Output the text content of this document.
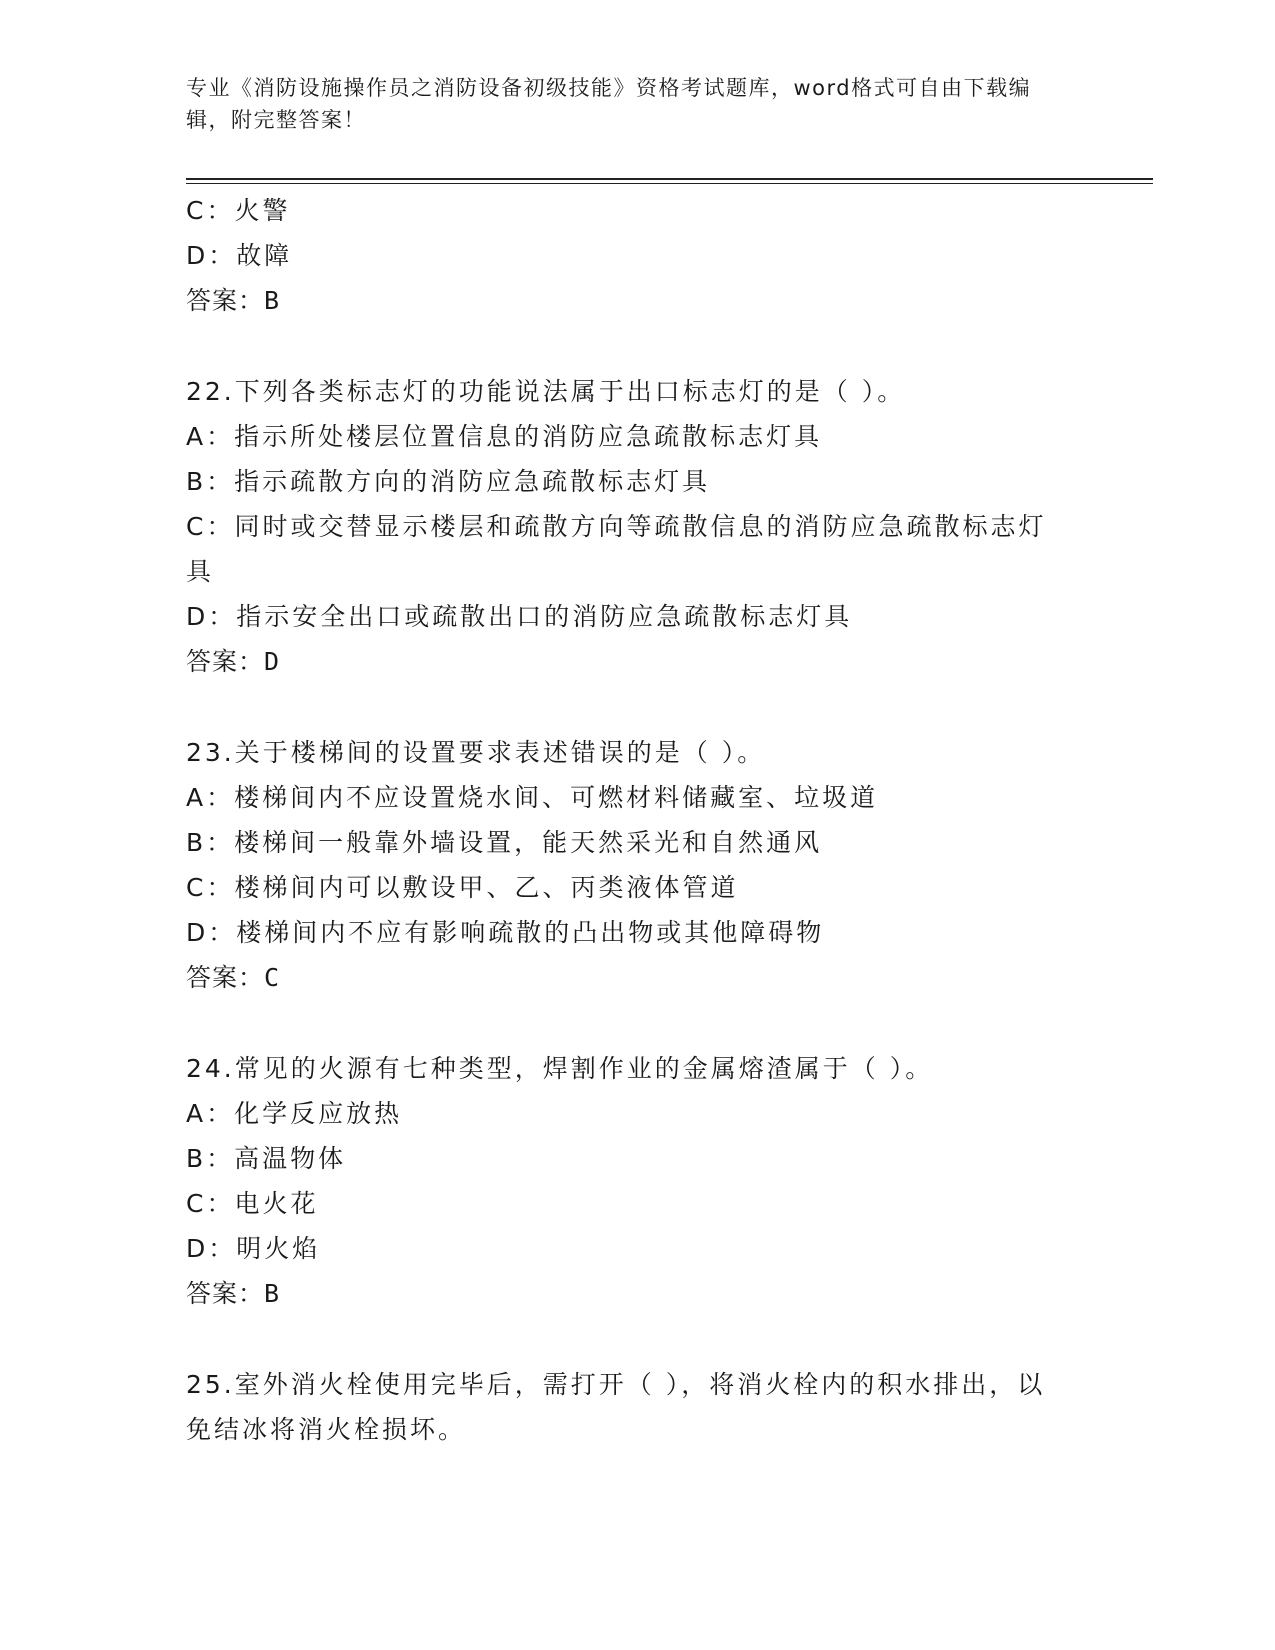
专业《消防设施操作员之消防设备初级技能》资格考试题库，word格式可自由下载编辑，附完整答案！
C：火警
D：故障
答案：B
22.下列各类标志灯的功能说法属于出口标志灯的是（ ）。
A：指示所处楼层位置信息的消防应急疏散标志灯具
B：指示疏散方向的消防应急疏散标志灯具
C：同时或交替显示楼层和疏散方向等疏散信息的消防应急疏散标志灯具
D：指示安全出口或疏散出口的消防应急疏散标志灯具
答案：D
23.关于楼梯间的设置要求表述错误的是（ ）。
A：楼梯间内不应设置烧水间、可燃材料储藏室、垃圾道
B：楼梯间一般靠外墙设置，能天然采光和自然通风
C：楼梯间内可以敷设甲、乙、丙类液体管道
D：楼梯间内不应有影响疏散的凸出物或其他障碍物
答案：C
24.常见的火源有七种类型，焊割作业的金属熔渣属于（ ）。
A：化学反应放热
B：高温物体
C：电火花
D：明火焰
答案：B
25.室外消火栓使用完毕后，需打开（ ），将消火栓内的积水排出，以免结冰将消火栓损坏。
